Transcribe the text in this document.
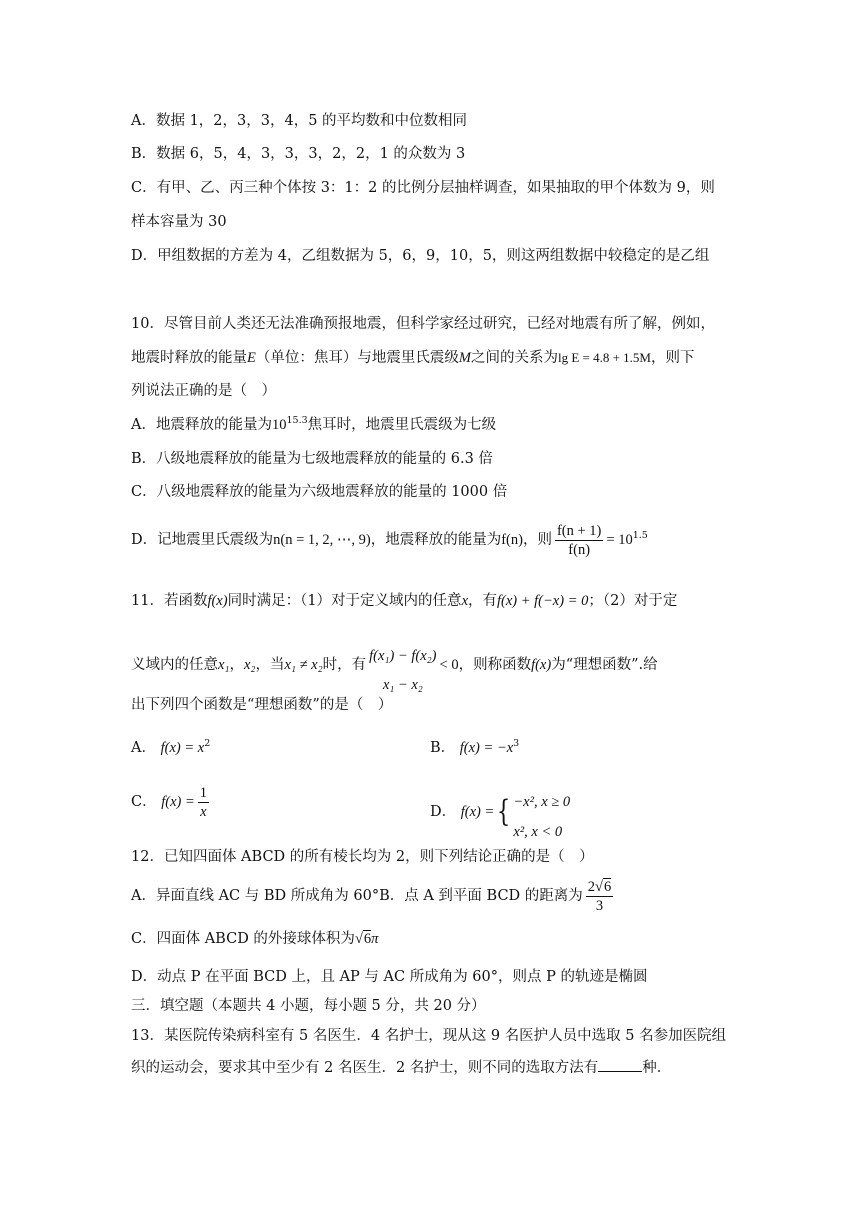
A．数据 1，2，3，3，4，5 的平均数和中位数相同
B．数据 6，5，4，3，3，3，2，2，1 的众数为 3
C．有甲、乙、丙三种个体按 3：1：2 的比例分层抽样调查，如果抽取的甲个体数为 9，则
样本容量为 30
D．甲组数据的方差为 4，乙组数据为 5，6，9，10，5，则这两组数据中较稳定的是乙组
10．尽管目前人类还无法准确预报地震，但科学家经过研究，已经对地震有所了解，例如，
地震时释放的能量E（单位：焦耳）与地震里氏震级M之间的关系为lg E = 4.8 + 1.5M，则下
列说法正确的是（　）
A．地震释放的能量为$10^{15.3}$焦耳时，地震里氏震级为七级
B．八级地震释放的能量为七级地震释放的能量的 6.3 倍
C．八级地震释放的能量为六级地震释放的能量的 1000 倍
D．记地震里氏震级为n(n = 1, 2, ⋯, 9)，地震释放的能量为f(n)，则 $\frac{f(n + 1)}{f(n)} = 10^{1.5}$
11．若函数f(x)同时满足：（1）对于定义域内的任意x，有f(x) + f(−x) = 0；（2）对于定
义域内的任意x₁，x₂，当x₁ ≠ x₂时，有f(x₁) − f(x₂)
x₁ − x₂
< 0，则称函数f(x)为“理想函数”.给
出下列四个函数是“理想函数”的是（　）
A． $f(x) = x^2$	B． $f(x) = -x^3$
C． $f(x) = \frac{1}{x}$	D． f(x) ={ −x², x ≥ 0
x², x < 0
12．已知四面体 ABCD 的所有棱长均为 2，则下列结论正确的是（　）
A．异面直线 AC 与 BD 所成角为 60°B．点 A 到平面 BCD 的距离为 $\frac{2√6}{3}$
C．四面体 ABCD 的外接球体积为√6π
D．动点 P 在平面 BCD 上，且 AP 与 AC 所成角为 60°，则点 P 的轨迹是椭圆
三．填空题（本题共 4 小题，每小题 5 分，共 20 分）
13．某医院传染病科室有 5 名医生．4 名护士，现从这 9 名医护人员中选取 5 名参加医院组
织的运动会，要求其中至少有 2 名医生．2 名护士，则不同的选取方法有	种．
